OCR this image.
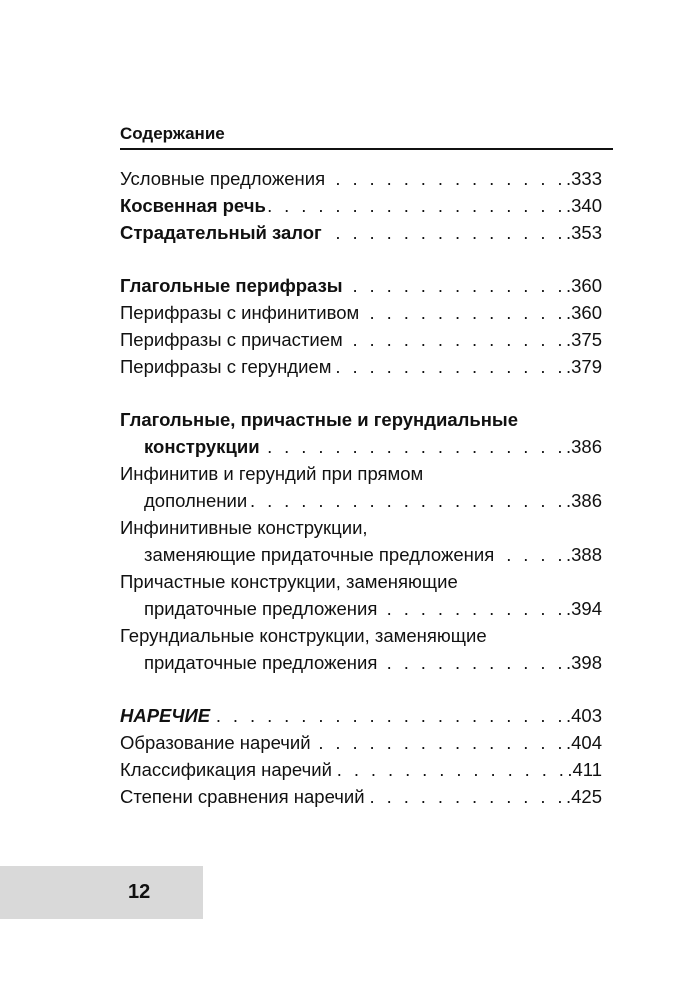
Содержание
Условные предложения . . .	.333
Косвенная речь . . .	.340
Страдательный залог . . .	.353
Глагольные перифразы . . .	.360
Перифразы с инфинитивом . . .	.360
Перифразы с причастием . . .	.375
Перифразы с герундием . . .	.379
Глагольные, причастные и герундиальные
конструкции . . .	.386
Инфинитив и герундий при прямом
дополнении . . .	.386
Инфинитивные конструкции,
заменяющие придаточные предложения . . .	.388
Причастные конструкции, заменяющие
придаточные предложения . . .	.394
Герундиальные конструкции, заменяющие
придаточные предложения . . .	.398
НАРЕЧИЕ . . .	.403
Образование наречий . . .	.404
Классификация наречий . . .	.411
Степени сравнения наречий . . .	.425
12
